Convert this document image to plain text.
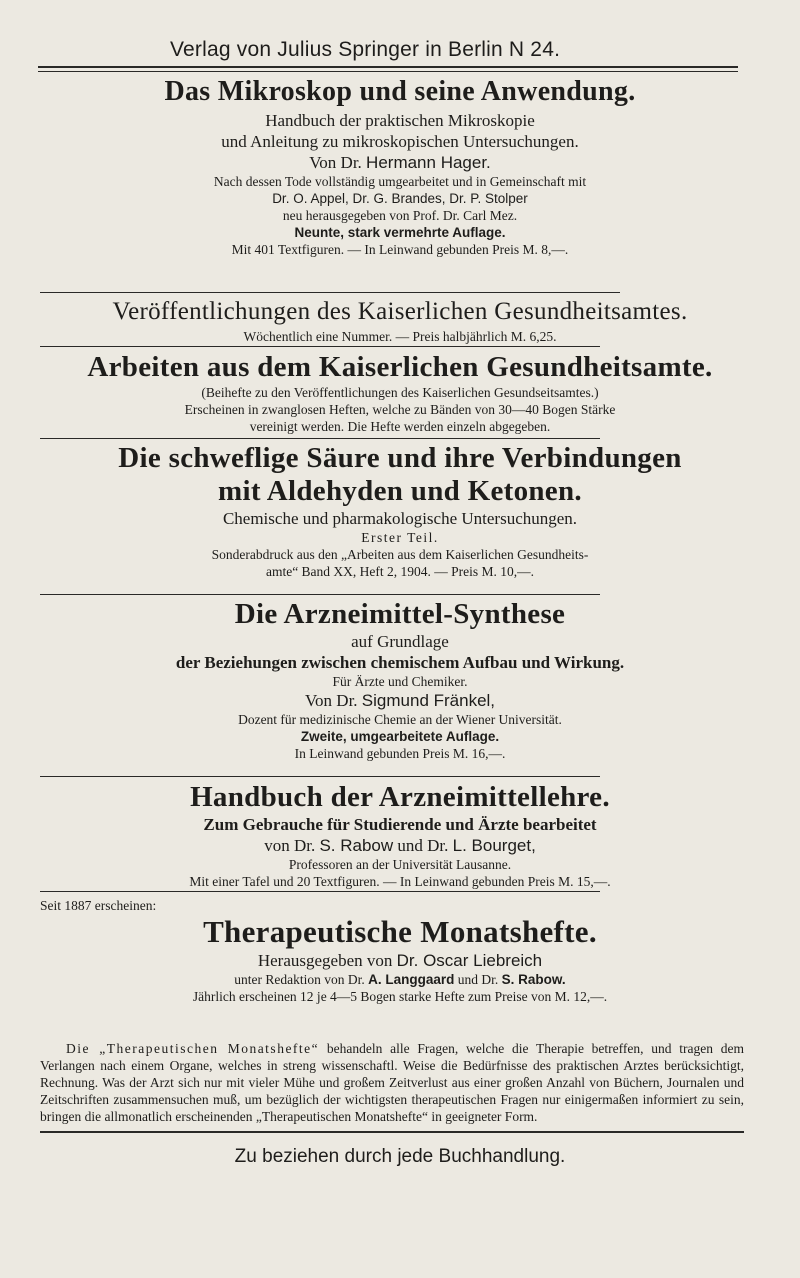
Verlag von Julius Springer in Berlin N 24.
Das Mikroskop und seine Anwendung.
Handbuch der praktischen Mikroskopie
und Anleitung zu mikroskopischen Untersuchungen.
Von Dr. Hermann Hager.
Nach dessen Tode vollständig umgearbeitet und in Gemeinschaft mit
Dr. O. Appel, Dr. G. Brandes, Dr. P. Stolper
neu herausgegeben von Prof. Dr. Carl Mez.
Neunte, stark vermehrte Auflage.
Mit 401 Textfiguren. — In Leinwand gebunden Preis M. 8,—.
Veröffentlichungen des Kaiserlichen Gesundheitsamtes.
Wöchentlich eine Nummer. — Preis halbjährlich M. 6,25.
Arbeiten aus dem Kaiserlichen Gesundheitsamte.
(Beihefte zu den Veröffentlichungen des Kaiserlichen Gesundseitsamtes.)
Erscheinen in zwanglosen Heften, welche zu Bänden von 30—40 Bogen Stärke
vereinigt werden. Die Hefte werden einzeln abgegeben.
Die schweflige Säure und ihre Verbindungen
mit Aldehyden und Ketonen.
Chemische und pharmakologische Untersuchungen.
Erster Teil.
Sonderabdruck aus den „Arbeiten aus dem Kaiserlichen Gesundheits-
amte“ Band XX, Heft 2, 1904. — Preis M. 10,—.
Die Arzneimittel-Synthese
auf Grundlage
der Beziehungen zwischen chemischem Aufbau und Wirkung.
Für Ärzte und Chemiker.
Von Dr. Sigmund Fränkel,
Dozent für medizinische Chemie an der Wiener Universität.
Zweite, umgearbeitete Auflage.
In Leinwand gebunden Preis M. 16,—.
Handbuch der Arzneimittellehre.
Zum Gebrauche für Studierende und Ärzte bearbeitet
von Dr. S. Rabow und Dr. L. Bourget,
Professoren an der Universität Lausanne.
Mit einer Tafel und 20 Textfiguren. — In Leinwand gebunden Preis M. 15,—.
Seit 1887 erscheinen:
Therapeutische Monatshefte.
Herausgegeben von Dr. Oscar Liebreich
unter Redaktion von Dr. A. Langgaard und Dr. S. Rabow.
Jährlich erscheinen 12 je 4—5 Bogen starke Hefte zum Preise von M. 12,—.
Die „Therapeutischen Monatshefte“ behandeln alle Fragen, welche die Therapie betreffen, und tragen dem Verlangen nach einem Organe, welches in streng wissenschaftl. Weise die Bedürfnisse des praktischen Arztes berücksichtigt, Rechnung. Was der Arzt sich nur mit vieler Mühe und großem Zeitverlust aus einer großen Anzahl von Büchern, Journalen und Zeitschriften zusammensuchen muß, um bezüglich der wichtigsten therapeutischen Fragen nur einigermaßen informiert zu sein, bringen die allmonatlich erscheinenden „Therapeutischen Monatshefte“ in geeigneter Form.
Zu beziehen durch jede Buchhandlung.
